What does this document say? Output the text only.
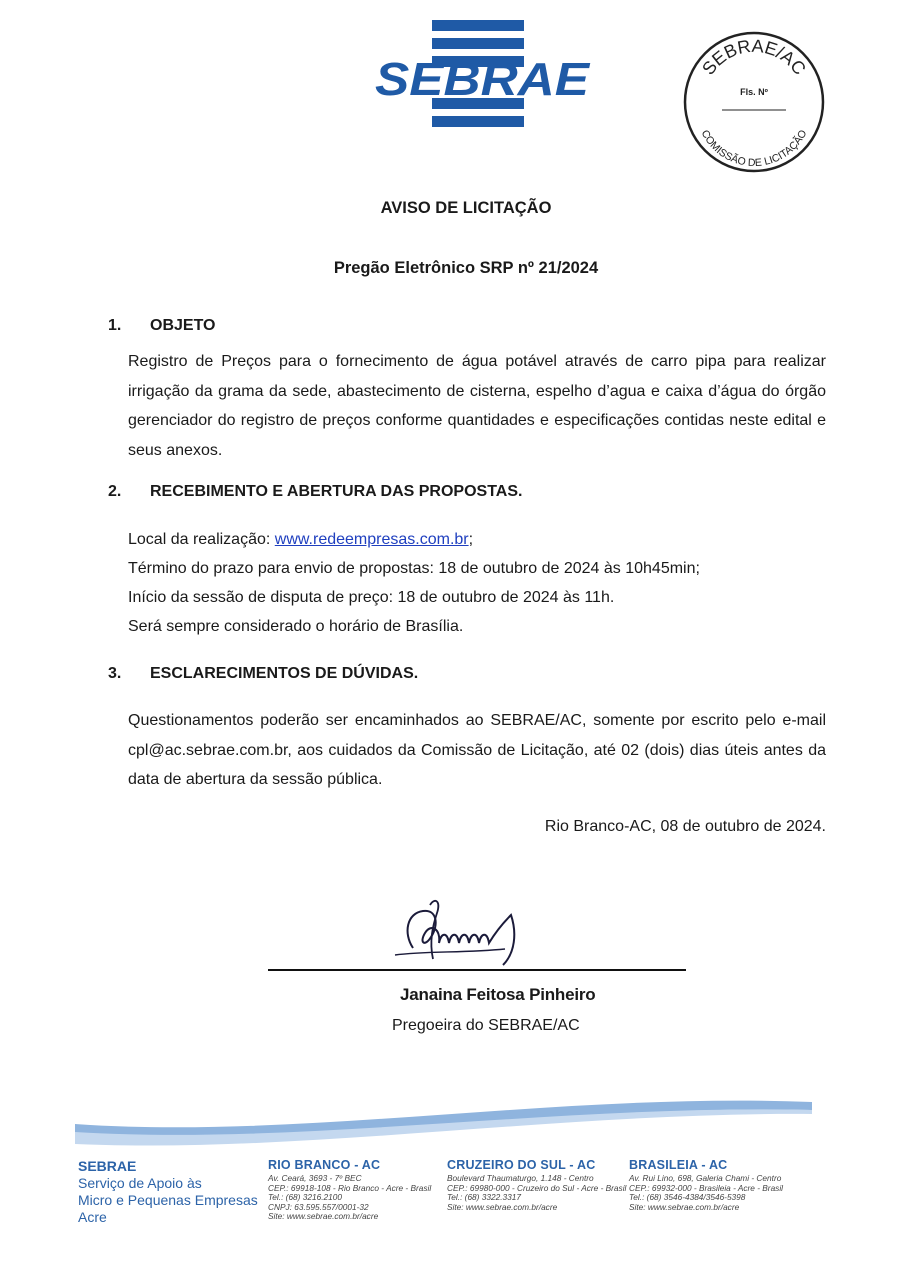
SEBRAE	SEBRAE/AC
COMISSÃO DE LICITAÇÃO
Fls. Nº
AVISO DE LICITAÇÃO
Pregão Eletrônico SRP nº 21/2024
1. OBJETO
Registro de Preços para o fornecimento de água potável através de carro pipa para realizar irrigação da grama da sede, abastecimento de cisterna, espelho d’agua e caixa d’água do órgão gerenciador do registro de preços conforme quantidades e especificações contidas neste edital e seus anexos.
2. RECEBIMENTO E ABERTURA DAS PROPOSTAS.
Local da realização: www.redeempresas.com.br;
Término do prazo para envio de propostas: 18 de outubro de 2024 às 10h45min;
Início da sessão de disputa de preço: 18 de outubro de 2024 às 11h.
Será sempre considerado o horário de Brasília.
3. ESCLARECIMENTOS DE DÚVIDAS.
Questionamentos poderão ser encaminhados ao SEBRAE/AC, somente por escrito pelo e-mail cpl@ac.sebrae.com.br, aos cuidados da Comissão de Licitação, até 02 (dois) dias úteis antes da data de abertura da sessão pública.
Rio Branco-AC, 08 de outubro de 2024.
Janaina Feitosa Pinheiro
Pregoeira do SEBRAE/AC
SEBRAE
Serviço de Apoio às
Micro e Pequenas Empresas
Acre
RIO BRANCO - AC
Av. Ceará, 3693 - 7º BEC
CEP.: 69918-108 - Rio Branco - Acre - Brasil
Tel.: (68) 3216.2100
CNPJ: 63.595.557/0001-32
Site: www.sebrae.com.br/acre
CRUZEIRO DO SUL - AC
Boulevard Thaumaturgo, 1.148 - Centro
CEP.: 69980-000 - Cruzeiro do Sul - Acre - Brasil
Tel.: (68) 3322.3317
Site: www.sebrae.com.br/acre
BRASILEIA - AC
Av. Rui Lino, 698, Galeria Chami - Centro
CEP.: 69932-000 - Brasileia - Acre - Brasil
Tel.: (68) 3546-4384/3546-5398
Site: www.sebrae.com.br/acre
